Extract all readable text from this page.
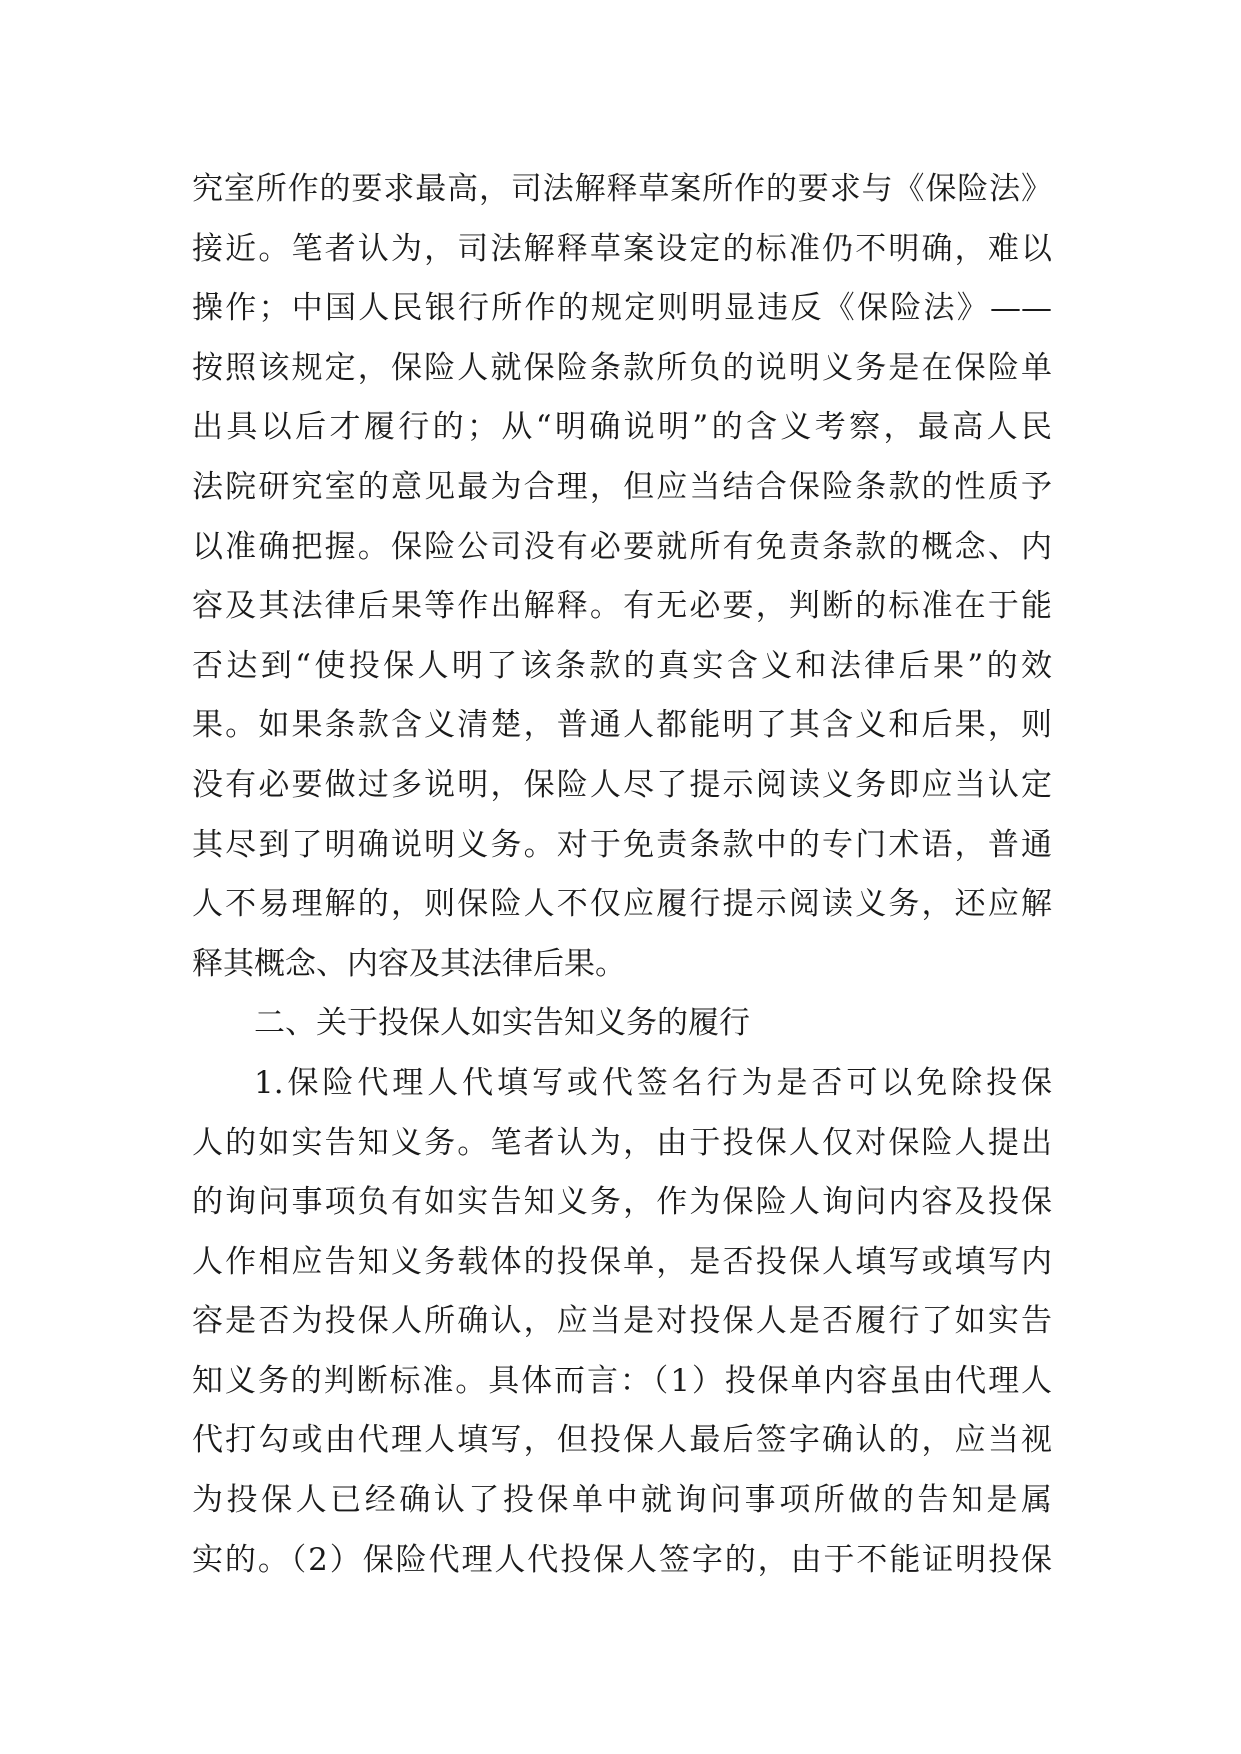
究室所作的要求最高，司法解释草案所作的要求与《保险法》
接近。笔者认为，司法解释草案设定的标准仍不明确，难以
操作；中国人民银行所作的规定则明显违反《保险法》——
按照该规定，保险人就保险条款所负的说明义务是在保险单
出具以后才履行的；从“明确说明”的含义考察，最高人民
法院研究室的意见最为合理，但应当结合保险条款的性质予
以准确把握。保险公司没有必要就所有免责条款的概念、内
容及其法律后果等作出解释。有无必要，判断的标准在于能
否达到“使投保人明了该条款的真实含义和法律后果”的效
果。如果条款含义清楚，普通人都能明了其含义和后果，则
没有必要做过多说明，保险人尽了提示阅读义务即应当认定
其尽到了明确说明义务。对于免责条款中的专门术语，普通
人不易理解的，则保险人不仅应履行提示阅读义务，还应解
释其概念、内容及其法律后果。
二、关于投保人如实告知义务的履行
1.保险代理人代填写或代签名行为是否可以免除投保
人的如实告知义务。笔者认为，由于投保人仅对保险人提出
的询问事项负有如实告知义务，作为保险人询问内容及投保
人作相应告知义务载体的投保单，是否投保人填写或填写内
容是否为投保人所确认，应当是对投保人是否履行了如实告
知义务的判断标准。具体而言：（1）投保单内容虽由代理人
代打勾或由代理人填写，但投保人最后签字确认的，应当视
为投保人已经确认了投保单中就询问事项所做的告知是属
实的。（2）保险代理人代投保人签字的，由于不能证明投保
